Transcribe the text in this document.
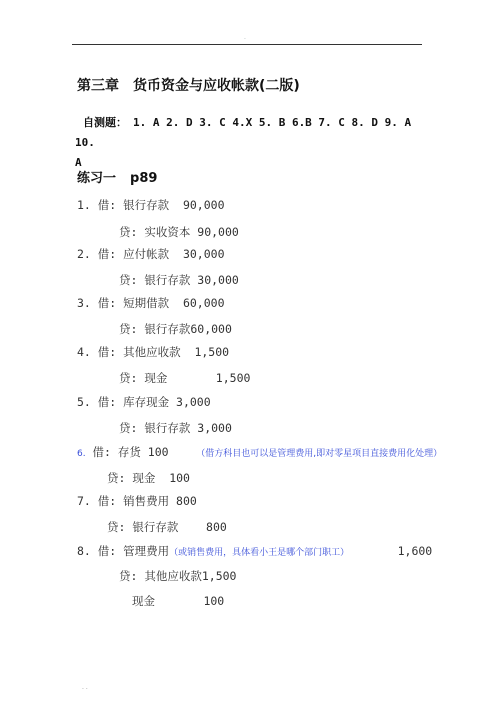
.
第三章 货币资金与应收帐款(二版)
自测题： 1. A 2. D 3. C 4.X 5. B 6.B 7. C 8. D 9. A 10.
A
练习一 p89
1. 借: 银行存款  90,000
贷: 实收资本 90,000
2. 借: 应付帐款  30,000
贷: 银行存款 30,000
3. 借: 短期借款  60,000
贷: 银行存款60,000
4. 借: 其他应收款  1,500
贷: 现金       1,500
5. 借: 库存现金 3,000
贷: 银行存款 3,000
6. 借: 存货 100	（借方科目也可以是管理费用,即对零星项目直接费用化处理）
贷: 现金  100
7. 借: 销售费用 800
贷: 银行存款    800
8. 借: 管理费用（或销售费用，具体看小王是哪个部门职工）	1,600
贷: 其他应收款1,500
现金       100
. .
